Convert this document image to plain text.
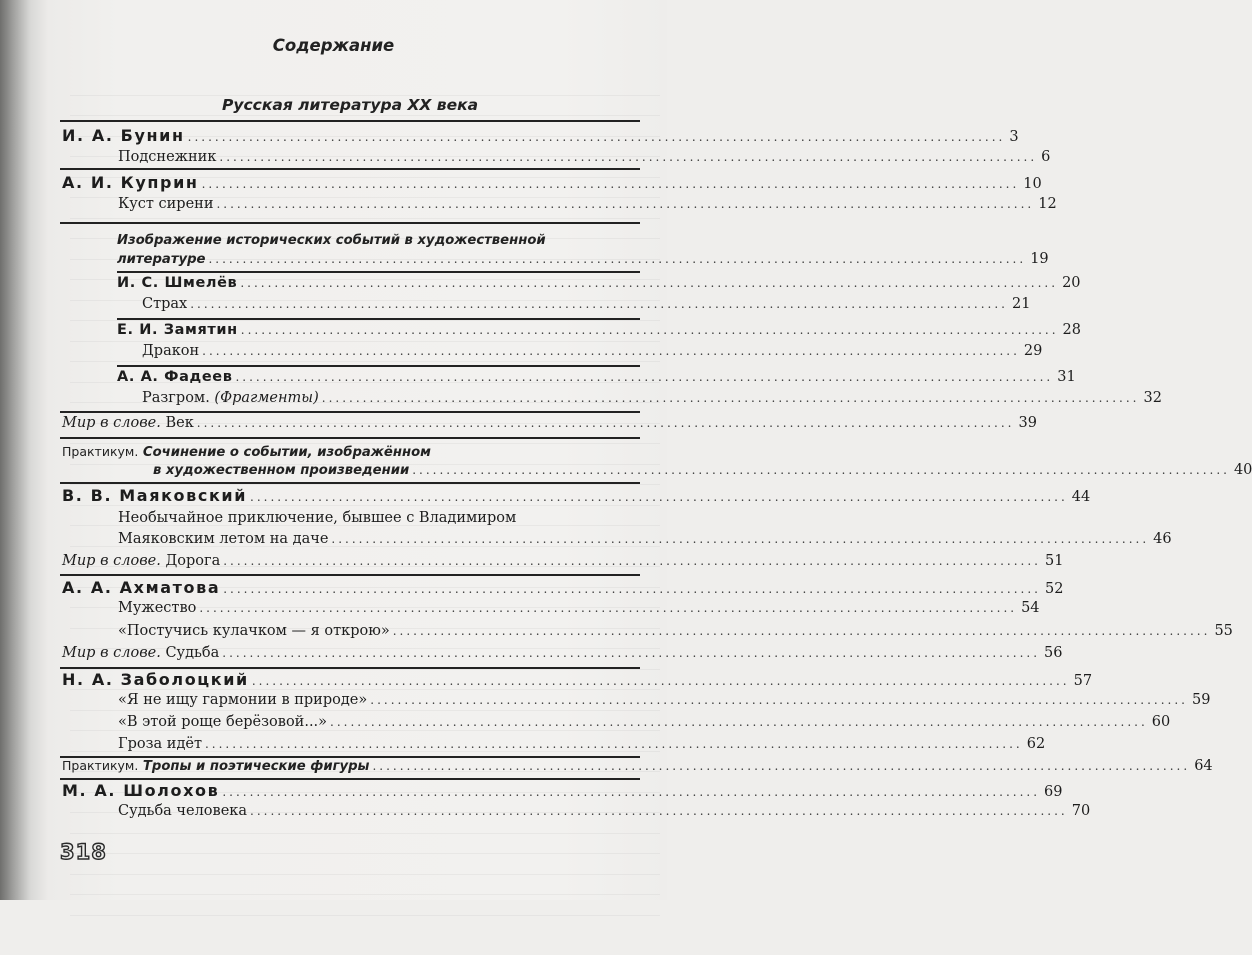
Содержание
Русская литература XX века
И. А. Бунин ........................................................................................................................ 3
Подснежник ........................................................................................................................ 6
А. И. Куприн ........................................................................................................................ 10
Куст сирени ........................................................................................................................ 12
Изображение исторических событий в художественной
литературе ........................................................................................................................ 19
И. С. Шмелёв ........................................................................................................................ 20
Страх ........................................................................................................................ 21
Е. И. Замятин ........................................................................................................................ 28
Дракон ........................................................................................................................ 29
А. А. Фадеев ........................................................................................................................ 31
Разгром. (Фрагменты) ........................................................................................................................ 32
Мир в слове. Век ........................................................................................................................ 39
Практикум. Сочинение о событии, изображённом
в художественном произведении ........................................................................................................................ 40
В. В. Маяковский ........................................................................................................................ 44
Необычайное приключение, бывшее с Владимиром
Маяковским летом на даче ........................................................................................................................ 46
Мир в слове. Дорога ........................................................................................................................ 51
А. А. Ахматова ........................................................................................................................ 52
Мужество ........................................................................................................................ 54
«Постучись кулачком — я открою» ........................................................................................................................ 55
Мир в слове. Судьба ........................................................................................................................ 56
Н. А. Заболоцкий ........................................................................................................................ 57
«Я не ищу гармонии в природе» ........................................................................................................................ 59
«В этой роще берёзовой...» ........................................................................................................................ 60
Гроза идёт ........................................................................................................................ 62
Практикум. Тропы и поэтические фигуры ........................................................................................................................ 64
М. А. Шолохов ........................................................................................................................ 69
Судьба человека ........................................................................................................................ 70
318
